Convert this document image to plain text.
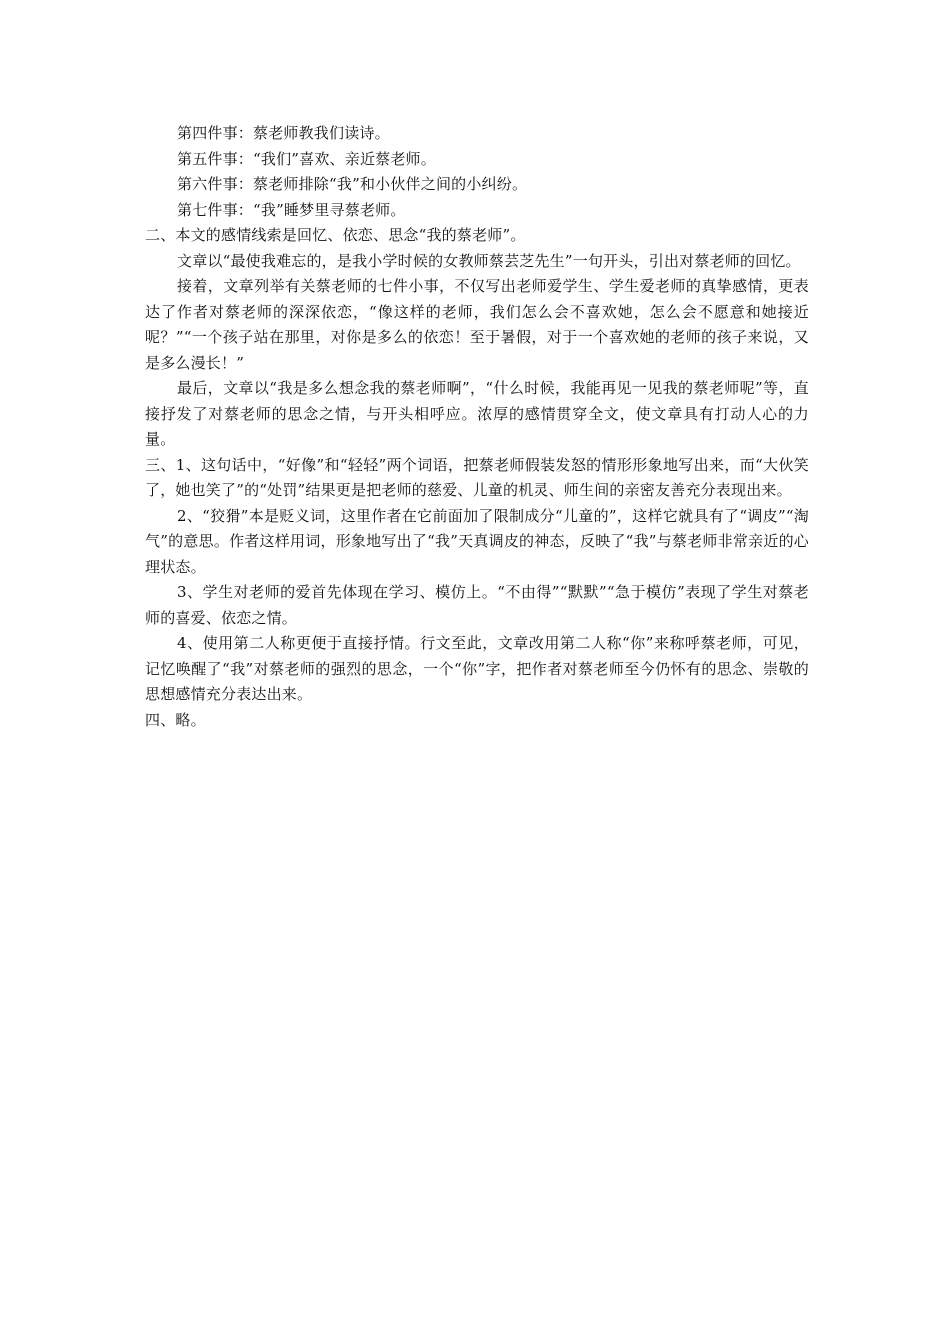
第四件事：蔡老师教我们读诗。

第五件事：“我们”喜欢、亲近蔡老师。

第六件事：蔡老师排除“我”和小伙伴之间的小纠纷。

第七件事：“我”睡梦里寻蔡老师。

二、本文的感情线索是回忆、依恋、思念“我的蔡老师”。

文章以“最使我难忘的，是我小学时候的女教师蔡芸芝先生”一句开头，引出对蔡老师的回忆。

接着，文章列举有关蔡老师的七件小事，不仅写出老师爱学生、学生爱老师的真挚感情，更表达了作者对蔡老师的深深依恋，“像这样的老师，我们怎么会不喜欢她，怎么会不愿意和她接近呢？”“一个孩子站在那里，对你是多么的依恋！至于暑假，对于一个喜欢她的老师的孩子来说，又是多么漫长！”

最后，文章以“我是多么想念我的蔡老师啊”，“什么时候，我能再见一见我的蔡老师呢”等，直接抒发了对蔡老师的思念之情，与开头相呼应。浓厚的感情贯穿全文，使文章具有打动人心的力量。

三、1、这句话中，“好像”和“轻轻”两个词语，把蔡老师假装发怒的情形形象地写出来，而“大伙笑了，她也笑了”的“处罚”结果更是把老师的慈爱、儿童的机灵、师生间的亲密友善充分表现出来。

2、“狡猾”本是贬义词，这里作者在它前面加了限制成分“儿童的”，这样它就具有了“调皮”“淘气”的意思。作者这样用词，形象地写出了“我”天真调皮的神态，反映了“我”与蔡老师非常亲近的心理状态。

3、学生对老师的爱首先体现在学习、模仿上。“不由得”“默默”“急于模仿”表现了学生对蔡老师的喜爱、依恋之情。

4、使用第二人称更便于直接抒情。行文至此，文章改用第二人称“你”来称呼蔡老师，可见，记忆唤醒了“我”对蔡老师的强烈的思念，一个“你”字，把作者对蔡老师至今仍怀有的思念、崇敬的思想感情充分表达出来。

四、略。
